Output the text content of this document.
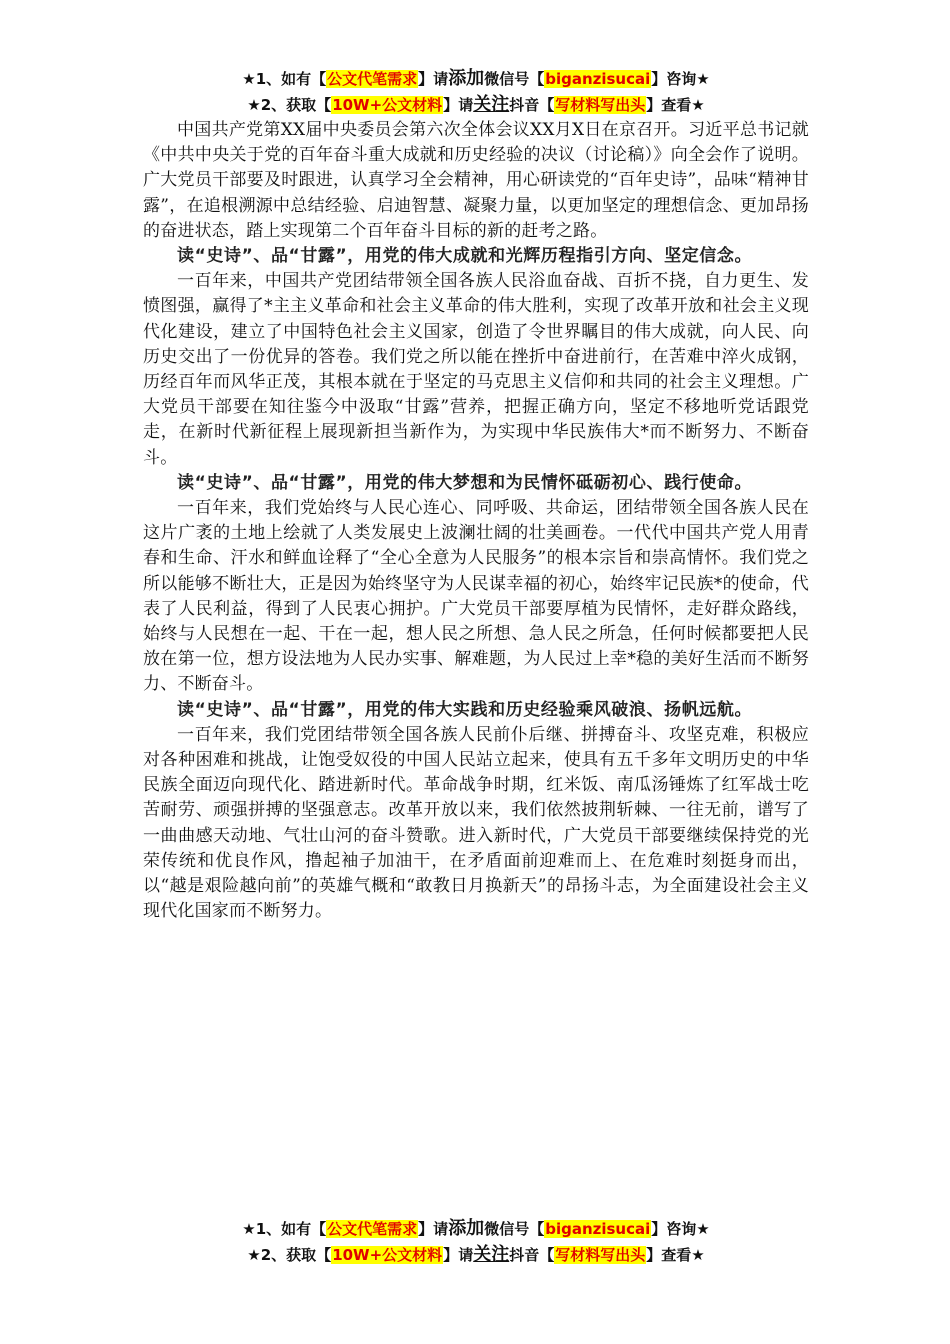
★1、如有【公文代笔需求】请添加微信号【biganzisucai】咨询★
★2、获取【10W+公文材料】请关注抖音【写材料写出头】查看★

中国共产党第XX届中央委员会第六次全体会议XX月X日在京召开。习近平总书记就《中共中央关于党的百年奋斗重大成就和历史经验的决议（讨论稿）》向全会作了说明。广大党员干部要及时跟进，认真学习全会精神，用心研读党的“百年史诗”，品味“精神甘露”，在追根溯源中总结经验、启迪智慧、凝聚力量，以更加坚定的理想信念、更加昂扬的奋进状态，踏上实现第二个百年奋斗目标的新的赶考之路。

读“史诗”、品“甘露”，用党的伟大成就和光辉历程指引方向、坚定信念。

一百年来，中国共产党团结带领全国各族人民浴血奋战、百折不挠，自力更生、发愤图强，赢得了*主主义革命和社会主义革命的伟大胜利，实现了改革开放和社会主义现代化建设，建立了中国特色社会主义国家，创造了令世界瞩目的伟大成就，向人民、向历史交出了一份优异的答卷。我们党之所以能在挫折中奋进前行，在苦难中淬火成钢，历经百年而风华正茂，其根本就在于坚定的马克思主义信仰和共同的社会主义理想。广大党员干部要在知往鉴今中汲取“甘露”营养，把握正确方向，坚定不移地听党话跟党走，在新时代新征程上展现新担当新作为，为实现中华民族伟大*而不断努力、不断奋斗。

读“史诗”、品“甘露”，用党的伟大梦想和为民情怀砥砺初心、践行使命。

一百年来，我们党始终与人民心连心、同呼吸、共命运，团结带领全国各族人民在这片广袤的土地上绘就了人类发展史上波澜壮阔的壮美画卷。一代代中国共产党人用青春和生命、汗水和鲜血诠释了“全心全意为人民服务”的根本宗旨和崇高情怀。我们党之所以能够不断壮大，正是因为始终坚守为人民谋幸福的初心，始终牢记民族*的使命，代表了人民利益，得到了人民衷心拥护。广大党员干部要厚植为民情怀，走好群众路线，始终与人民想在一起、干在一起，想人民之所想、急人民之所急，任何时候都要把人民放在第一位，想方设法地为人民办实事、解难题，为人民过上幸*稳的美好生活而不断努力、不断奋斗。

读“史诗”、品“甘露”，用党的伟大实践和历史经验乘风破浪、扬帆远航。

一百年来，我们党团结带领全国各族人民前仆后继、拼搏奋斗、攻坚克难，积极应对各种困难和挑战，让饱受奴役的中国人民站立起来，使具有五千多年文明历史的中华民族全面迈向现代化、踏进新时代。革命战争时期，红米饭、南瓜汤锤炼了红军战士吃苦耐劳、顽强拼搏的坚强意志。改革开放以来，我们依然披荆斩棘、一往无前，谱写了一曲曲感天动地、气壮山河的奋斗赞歌。进入新时代，广大党员干部要继续保持党的光荣传统和优良作风，撸起袖子加油干，在矛盾面前迎难而上、在危难时刻挺身而出，以“越是艰险越向前”的英雄气概和“敢教日月换新天”的昂扬斗志，为全面建设社会主义现代化国家而不断努力。

★1、如有【公文代笔需求】请添加微信号【biganzisucai】咨询★
★2、获取【10W+公文材料】请关注抖音【写材料写出头】查看★
